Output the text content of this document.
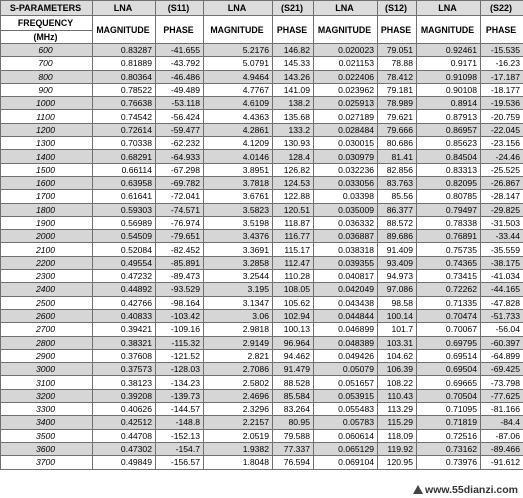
S-PARAMETERS	LNA	(S11)	LNA	(S21)	LNA	(S12)	LNA	(S22)
FREQUENCY	MAGNITUDE	PHASE	MAGNITUDE	PHASE	MAGNITUDE	PHASE	MAGNITUDE	PHASE
(MHz)								
600	0.83287	-41.655	5.2176	146.82	0.020023	79.051	0.92461	-15.535
700	0.81889	-43.792	5.0791	145.33	0.021153	78.88	0.9171	-16.23
800	0.80364	-46.486	4.9464	143.26	0.022406	78.412	0.91098	-17.187
900	0.78522	-49.489	4.7767	141.09	0.023962	79.181	0.90108	-18.177
1000	0.76638	-53.118	4.6109	138.2	0.025913	78.989	0.8914	-19.536
1100	0.74542	-56.424	4.4363	135.68	0.027189	79.621	0.87913	-20.759
1200	0.72614	-59.477	4.2861	133.2	0.028484	79.666	0.86957	-22.045
1300	0.70338	-62.232	4.1209	130.93	0.030015	80.686	0.85623	-23.156
1400	0.68291	-64.933	4.0146	128.4	0.030979	81.41	0.84504	-24.46
1500	0.66114	-67.298	3.8951	126.82	0.032236	82.856	0.83313	-25.525
1600	0.63958	-69.782	3.7818	124.53	0.033056	83.763	0.82095	-26.867
1700	0.61641	-72.041	3.6761	122.88	0.03398	85.56	0.80785	-28.147
1800	0.59303	-74.571	3.5823	120.51	0.035009	86.377	0.79497	-29.825
1900	0.56989	-76.974	3.5198	118.87	0.036332	88.572	0.78338	-31.503
2000	0.54509	-79.651	3.4376	116.77	0.036887	89.686	0.76891	-33.44
2100	0.52084	-82.452	3.3691	115.17	0.038318	91.409	0.75735	-35.559
2200	0.49554	-85.891	3.2858	112.47	0.039355	93.409	0.74365	-38.175
2300	0.47232	-89.473	3.2544	110.28	0.040817	94.973	0.73415	-41.034
2400	0.44892	-93.529	3.195	108.05	0.042049	97.086	0.72262	-44.165
2500	0.42766	-98.164	3.1347	105.62	0.043438	98.58	0.71335	-47.828
2600	0.40833	-103.42	3.06	102.94	0.044844	100.14	0.70474	-51.733
2700	0.39421	-109.16	2.9818	100.13	0.046899	101.7	0.70067	-56.04
2800	0.38321	-115.32	2.9149	96.964	0.048389	103.31	0.69795	-60.397
2900	0.37608	-121.52	2.821	94.462	0.049426	104.62	0.69514	-64.899
3000	0.37573	-128.03	2.7086	91.479	0.05079	106.39	0.69504	-69.425
3100	0.38123	-134.23	2.5802	88.528	0.051657	108.22	0.69665	-73.798
3200	0.39208	-139.73	2.4696	85.584	0.053915	110.43	0.70504	-77.625
3300	0.40626	-144.57	2.3296	83.264	0.055483	113.29	0.71095	-81.166
3400	0.42512	-148.8	2.2157	80.95	0.05783	115.29	0.71819	-84.4
3500	0.44708	-152.13	2.0519	79.588	0.060614	118.09	0.72516	-87.06
3600	0.47302	-154.7	1.9382	77.337	0.065129	119.92	0.73162	-89.466
3700	0.49849	-156.57	1.8048	76.594	0.069104	120.95	0.73976	-91.612
www.55dianzi.com
